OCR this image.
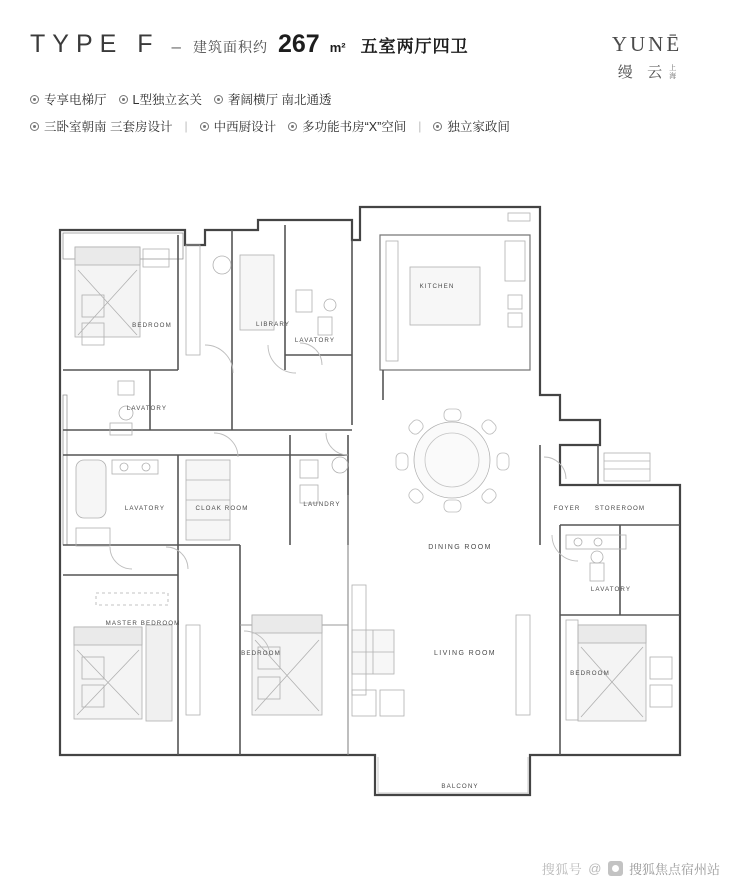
TYPE F – 建筑面积约 267 m² 五室两厅四卫	YUNĒ
缦 云 上
海
专享电梯厅 L型独立玄关 奢阔横厅 南北通透
三卧室朝南 三套房设计 | 中西厨设计 多功能书房“X”空间 | 独立家政间
BEDROOM	LIBRARY
LAVATORY
KITCHEN
LAVATORY
LAVATORY	CLOAK ROOM
LAUNDRY
FOYER STOREROOM
DINING ROOM
LAVATORY
MASTER BEDROOM
BEDROOM	LIVING ROOM
BEDROOM
BALCONY
搜狐号 @ 搜狐焦点宿州站
